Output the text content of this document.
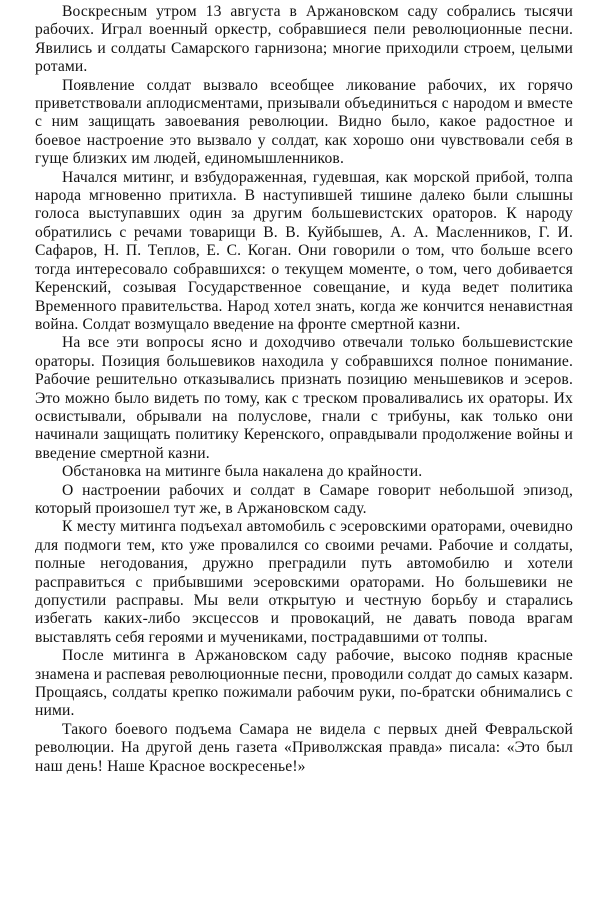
Воскресным утром 13 августа в Аржановском саду собрались тысячи рабочих. Играл военный оркестр, собравшиеся пели революционные песни. Явились и солдаты Самарского гарнизона; многие приходили строем, целыми ротами.

Появление солдат вызвало всеобщее ликование рабочих, их горячо приветствовали аплодисментами, призывали объединиться с народом и вместе с ним защищать завоевания революции. Видно было, какое радостное и боевое настроение это вызвало у солдат, как хорошо они чувствовали себя в гуще близких им людей, единомышленников.

Начался митинг, и взбудораженная, гудевшая, как морской прибой, толпа народа мгновенно притихла. В наступившей тишине далеко были слышны голоса выступавших один за другим большевистских ораторов. К народу обратились с речами товарищи В. В. Куйбышев, А. А. Масленников, Г. И. Сафаров, Н. П. Теплов, Е. С. Коган. Они говорили о том, что больше всего тогда интересовало собравшихся: о текущем моменте, о том, чего добивается Керенский, созывая Государственное совещание, и куда ведет политика Временного правительства. Народ хотел знать, когда же кончится ненавистная война. Солдат возмущало введение на фронте смертной казни.

На все эти вопросы ясно и доходчиво отвечали только большевистские ораторы. Позиция большевиков находила у собравшихся полное понимание. Рабочие решительно отказывались признать позицию меньшевиков и эсеров. Это можно было видеть по тому, как с треском проваливались их ораторы. Их освистывали, обрывали на полуслове, гнали с трибуны, как только они начинали защищать политику Керенского, оправдывали продолжение войны и введение смертной казни.

Обстановка на митинге была накалена до крайности.

О настроении рабочих и солдат в Самаре говорит небольшой эпизод, который произошел тут же, в Аржановском саду.

К месту митинга подъехал автомобиль с эсеровскими ораторами, очевидно для подмоги тем, кто уже провалился со своими речами. Рабочие и солдаты, полные негодования, дружно преградили путь автомобилю и хотели расправиться с прибывшими эсеровскими ораторами. Но большевики не допустили расправы. Мы вели открытую и честную борьбу и старались избегать каких-либо эксцессов и провокаций, не давать повода врагам выставлять себя героями и мучениками, пострадавшими от толпы.

После митинга в Аржановском саду рабочие, высоко подняв красные знамена и распевая революционные песни, проводили солдат до самых казарм. Прощаясь, солдаты крепко пожимали рабочим руки, по-братски обнимались с ними.

Такого боевого подъема Самара не видела с первых дней Февральской революции. На другой день газета «Приволжская правда» писала: «Это был наш день! Наше Красное воскресенье!»
